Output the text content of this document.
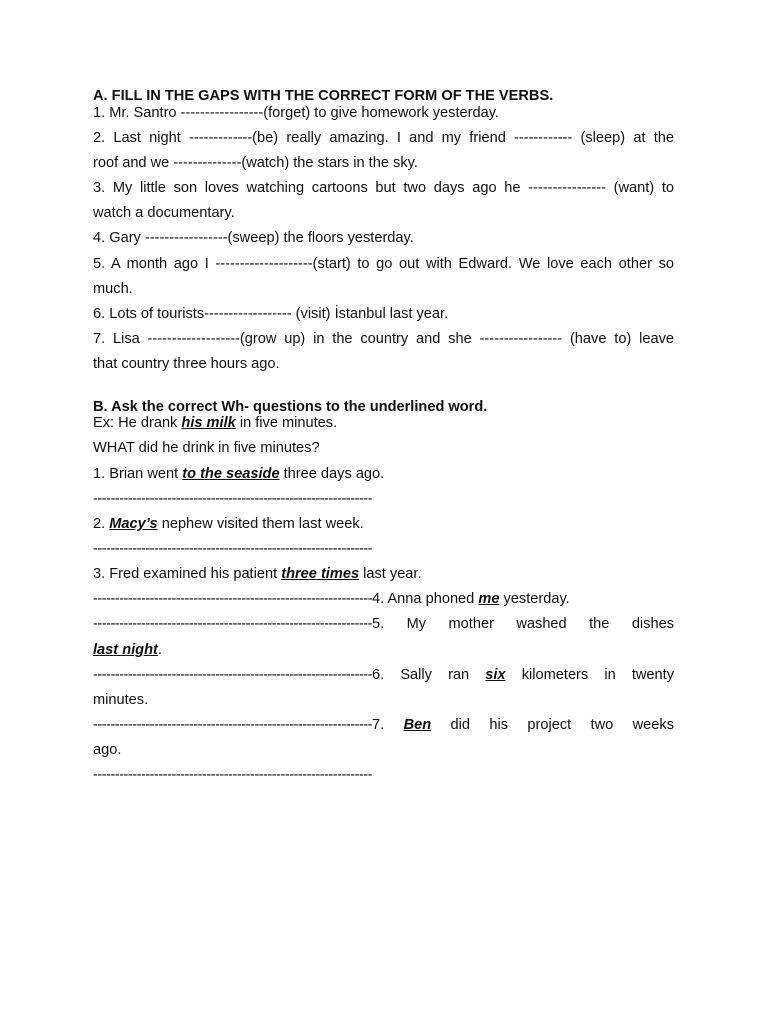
A. FILL IN THE GAPS WITH THE CORRECT FORM OF THE VERBS.
1. Mr. Santro -----------------(forget) to give homework yesterday.
2. Last night -------------(be) really amazing. I and my friend ------------ (sleep) at the
roof and we --------------(watch) the stars in the sky.
3. My little son loves watching cartoons but two days ago he ---------------- (want) to
watch a documentary.
4. Gary -----------------(sweep) the floors yesterday.
5. A month ago I --------------------(start) to go out with Edward. We love each other so
much.
6. Lots of tourists------------------ (visit) İstanbul last year.
7. Lisa -------------------(grow up) in the country and she ----------------- (have to) leave
that country three hours ago.
B. Ask the correct Wh- questions to the underlined word.
Ex: He drank his milk in five minutes.
WHAT did he drink in five minutes?
1. Brian went to the seaside three days ago.
----------------------------------------------------------------
2. Macy’s nephew visited them last week.
----------------------------------------------------------------
3. Fred examined his patient three times last year.
----------------------------------------------------------------4. Anna phoned me yesterday.
----------------------------------------------------------------5. My mother washed the dishes
last night.
----------------------------------------------------------------6. Sally ran six kilometers in twenty
minutes.
----------------------------------------------------------------7. Ben did his project two weeks
ago.
----------------------------------------------------------------
